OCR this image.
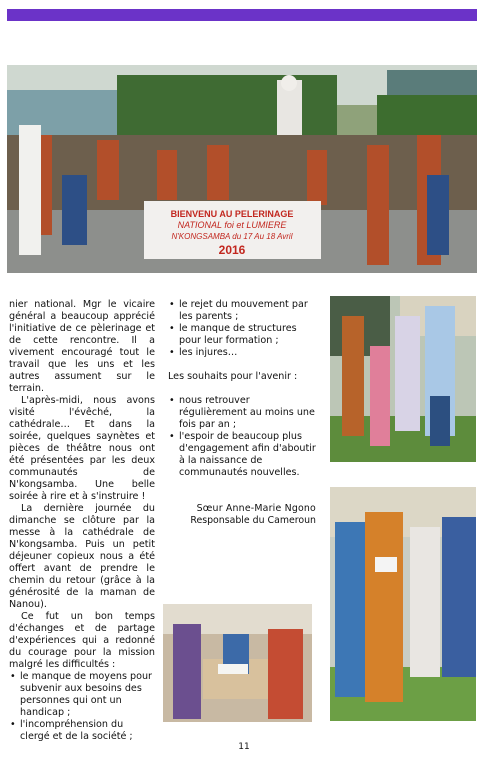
BIENVENU AU PELERINAGE
NATIONAL foi et LUMIERE
N'KONGSAMBA du 17 Au 18 Avril
2016

nier national. Mgr le vicaire général a beaucoup apprécié l'initiative de ce pèlerinage et de cette rencontre. Il a vivement encouragé tout le travail que les uns et les autres assument sur le terrain.

L'après-midi, nous avons visité l'évêché, la cathédrale… Et dans la soirée, quelques saynètes et pièces de théâtre nous ont été présentées par les deux communautés de N'kongsamba. Une belle soirée à rire et à s'instruire !

La dernière journée du dimanche se clôture par la messe à la cathédrale de N'kongsamba. Puis un petit déjeuner copieux nous a été offert avant de prendre le chemin du retour (grâce à la générosité de la maman de Nanou).

Ce fut un bon temps d'échanges et de partage d'expériences qui a redonné du courage pour la mission malgré les difficultés :

• le manque de moyens pour subvenir aux besoins des personnes qui ont un handicap ;
• l'incompréhension du clergé et de la société ;
• le rejet du mouvement par les parents ;
• le manque de structures pour leur formation ;
• les injures…

Les souhaits pour l'avenir :

• nous retrouver régulièrement au moins une fois par an ;
• l'espoir de beaucoup plus d'engagement afin d'aboutir à la naissance de communautés nouvelles.
Sœur Anne-Marie Ngono
Responsable du Cameroun
11
